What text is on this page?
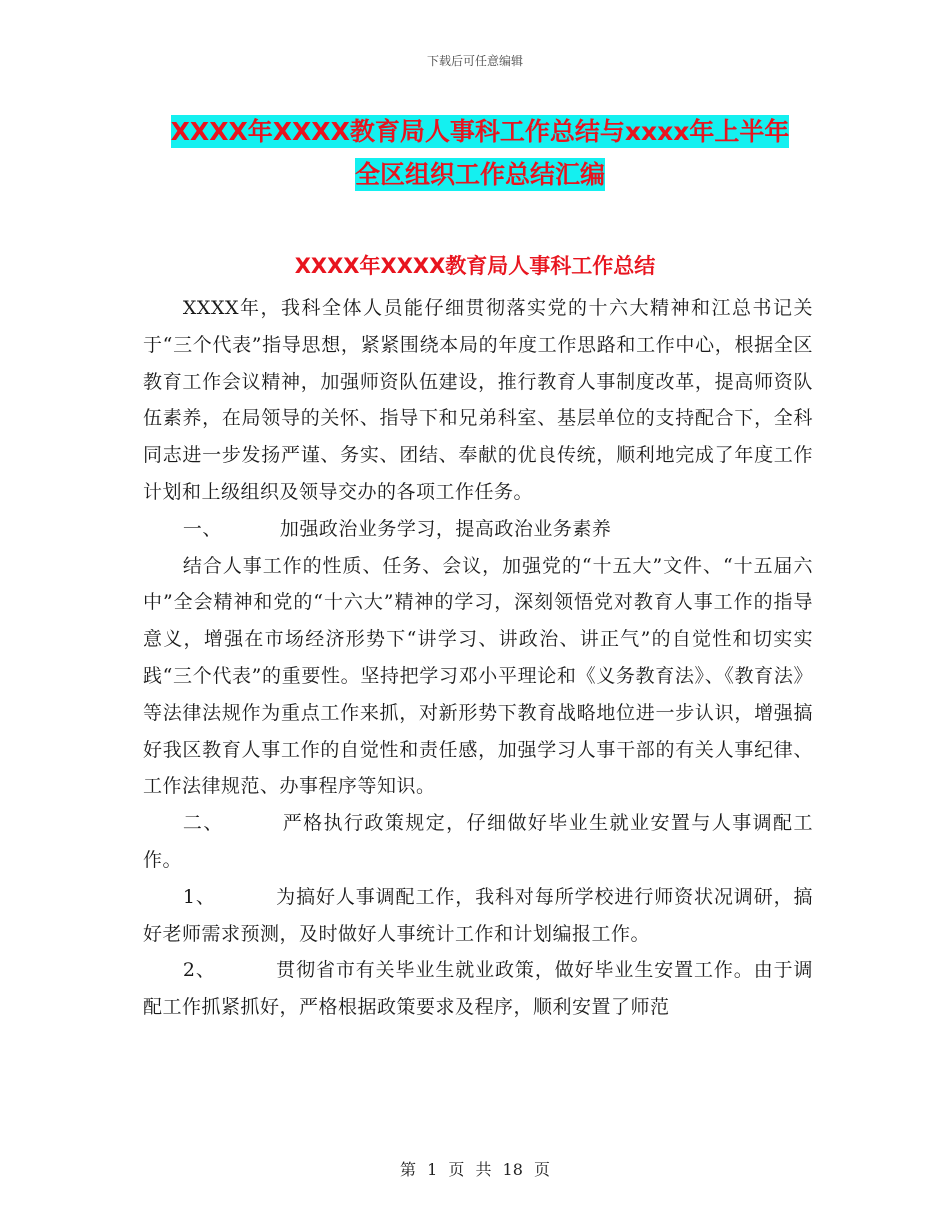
下载后可任意编辑
XXXX年XXXX教育局人事科工作总结与xxxx年上半年
全区组织工作总结汇编
XXXX年XXXX教育局人事科工作总结

XXXX年，我科全体人员能仔细贯彻落实党的十六大精神和江总书记关于“三个代表”指导思想，紧紧围绕本局的年度工作思路和工作中心，根据全区教育工作会议精神，加强师资队伍建设，推行教育人事制度改革，提高师资队伍素养，在局领导的关怀、指导下和兄弟科室、基层单位的支持配合下，全科同志进一步发扬严谨、务实、团结、奉献的优良传统，顺利地完成了年度工作计划和上级组织及领导交办的各项工作任务。

一、	加强政治业务学习，提高政治业务素养

结合人事工作的性质、任务、会议，加强党的“十五大”文件、“十五届六中”全会精神和党的“十六大”精神的学习，深刻领悟党对教育人事工作的指导意义，增强在市场经济形势下“讲学习、讲政治、讲正气”的自觉性和切实实践“三个代表”的重要性。坚持把学习邓小平理论和《义务教育法》、《教育法》等法律法规作为重点工作来抓，对新形势下教育战略地位进一步认识，增强搞好我区教育人事工作的自觉性和责任感，加强学习人事干部的有关人事纪律、工作法律规范、办事程序等知识。

二、	严格执行政策规定，仔细做好毕业生就业安置与人事调配工作。

1、	为搞好人事调配工作，我科对每所学校进行师资状况调研，搞好老师需求预测，及时做好人事统计工作和计划编报工作。

2、	贯彻省市有关毕业生就业政策，做好毕业生安置工作。由于调配工作抓紧抓好，严格根据政策要求及程序，顺利安置了师范

第 1 页 共 18 页
